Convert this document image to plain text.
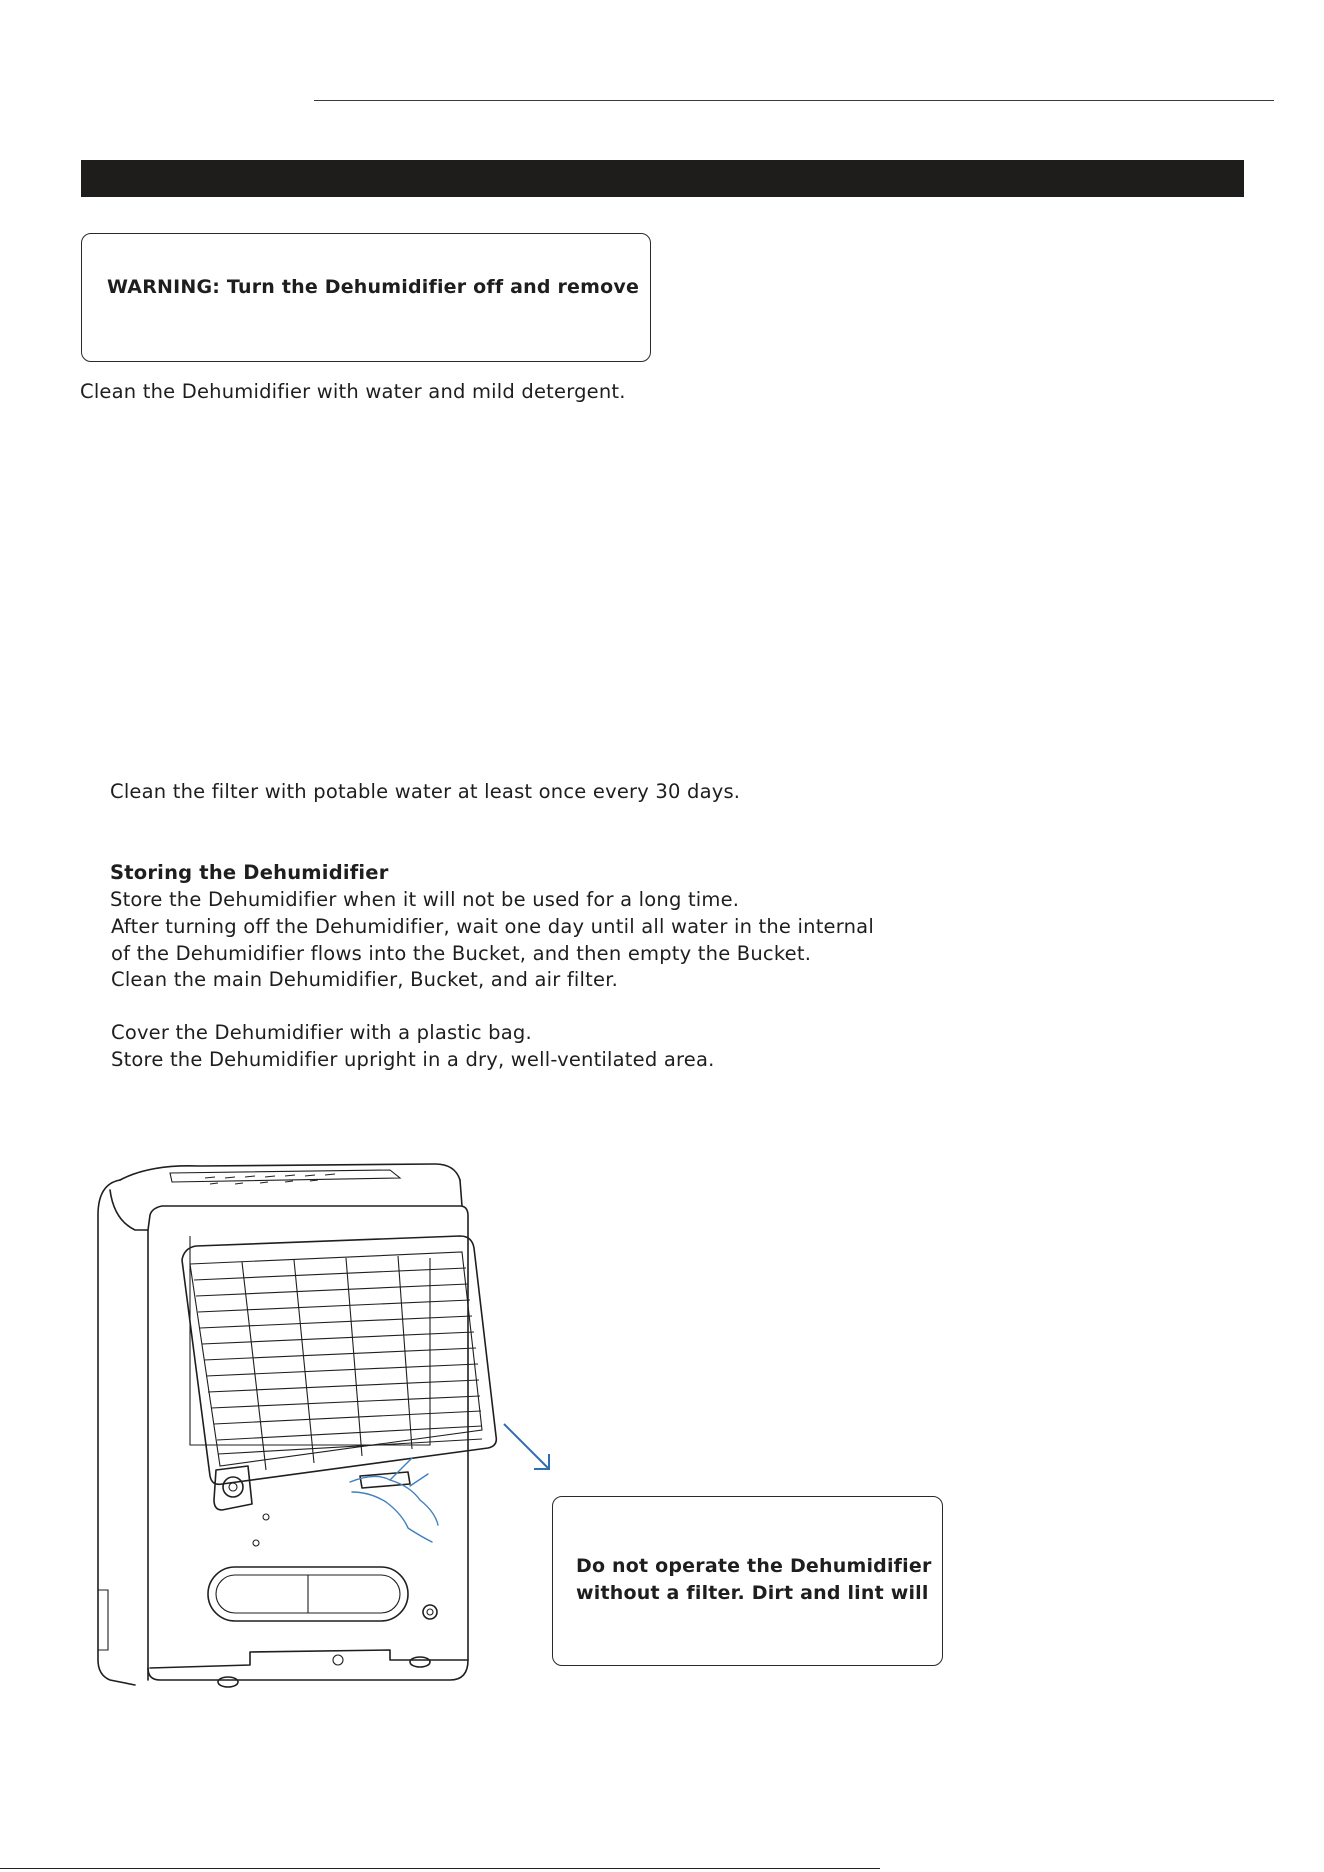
WARNING: Turn the Dehumidifier off and remove
Clean the Dehumidifier with water and mild detergent.
Clean the filter with potable water at least once every 30 days.
Storing the Dehumidifier
Store the Dehumidifier when it will not be used for a long time.
After turning off the Dehumidifier, wait one day until all water in the internal
of the Dehumidifier flows into the Bucket, and then empty the Bucket.
Clean the main Dehumidifier, Bucket, and air filter.
Cover the Dehumidifier with a plastic bag.
Store the Dehumidifier upright in a dry, well-ventilated area.
Do not operate the Dehumidifier
without a filter. Dirt and lint will
